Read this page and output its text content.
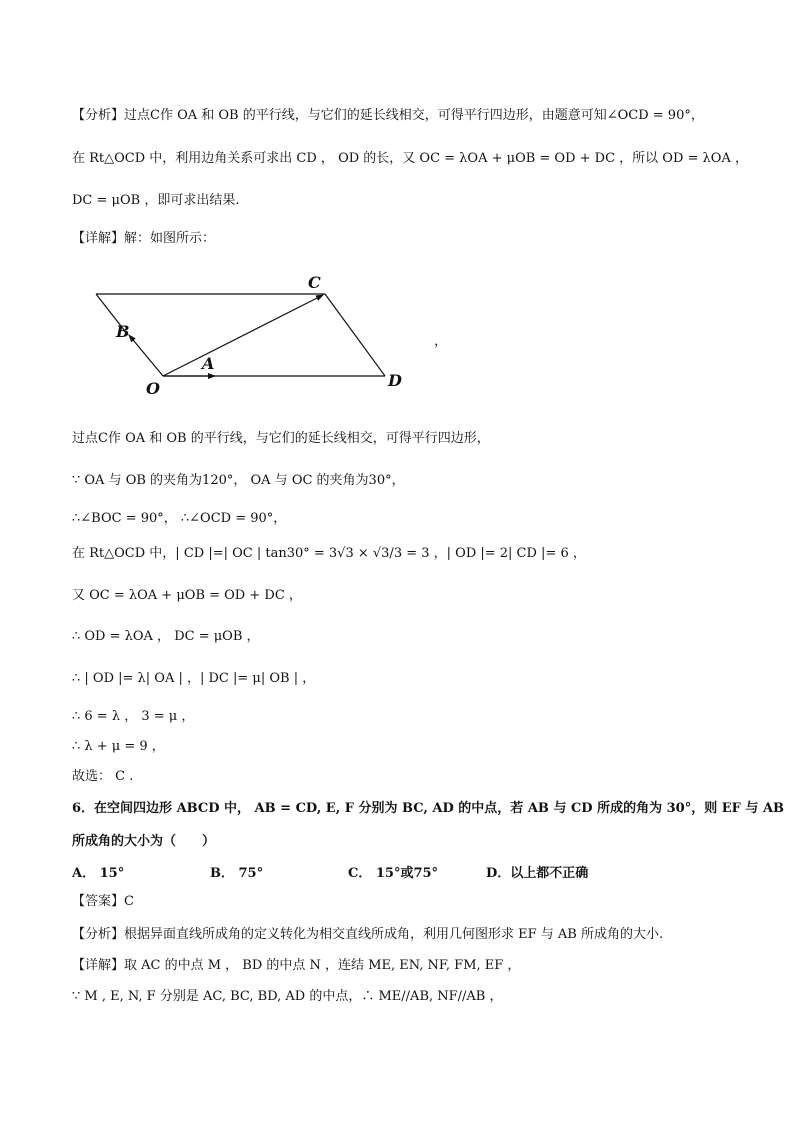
【分析】过点C作 OA 和 OB 的平行线，与它们的延长线相交，可得平行四边形，由题意可知∠OCD = 90°，
在 Rt△OCD 中，利用边角关系可求出 CD ， OD 的长，又 OC = λOA + μOB = OD + DC ，所以 OD = λOA ，
DC = μOB ，即可求出结果.
【详解】解：如图所示：
C
B
A
O	D
，
过点C作 OA 和 OB 的平行线，与它们的延长线相交，可得平行四边形，
∵ OA 与 OB 的夹角为120°， OA 与 OC 的夹角为30°，
∴∠BOC = 90°， ∴∠OCD = 90°，
在 Rt△OCD 中，| CD |=| OC | tan30° = 3√3 × √3/3 = 3 ，| OD |= 2| CD |= 6 ，
又 OC = λOA + μOB = OD + DC ，
∴ OD = λOA ， DC = μOB ，
∴ | OD |= λ| OA | ，| DC |= μ| OB | ，
∴ 6 = λ ， 3 = μ ，
∴ λ + μ = 9 ，
故选： C .
6．在空间四边形 ABCD 中， AB = CD, E, F 分别为 BC, AD 的中点，若 AB 与 CD 所成的角为 30°，则 EF 与 AB
所成角的大小为（　　）
A． 15°	B． 75°	C． 15°或75°	D．以上都不正确
【答案】C
【分析】根据异面直线所成角的定义转化为相交直线所成角，利用几何图形求 EF 与 AB 所成角的大小.
【详解】取 AC 的中点 M ， BD 的中点 N ，连结 ME, EN, NF, FM, EF ，
∵ M , E, N, F 分别是 AC, BC, BD, AD 的中点，∴ ME//AB, NF//AB ，
